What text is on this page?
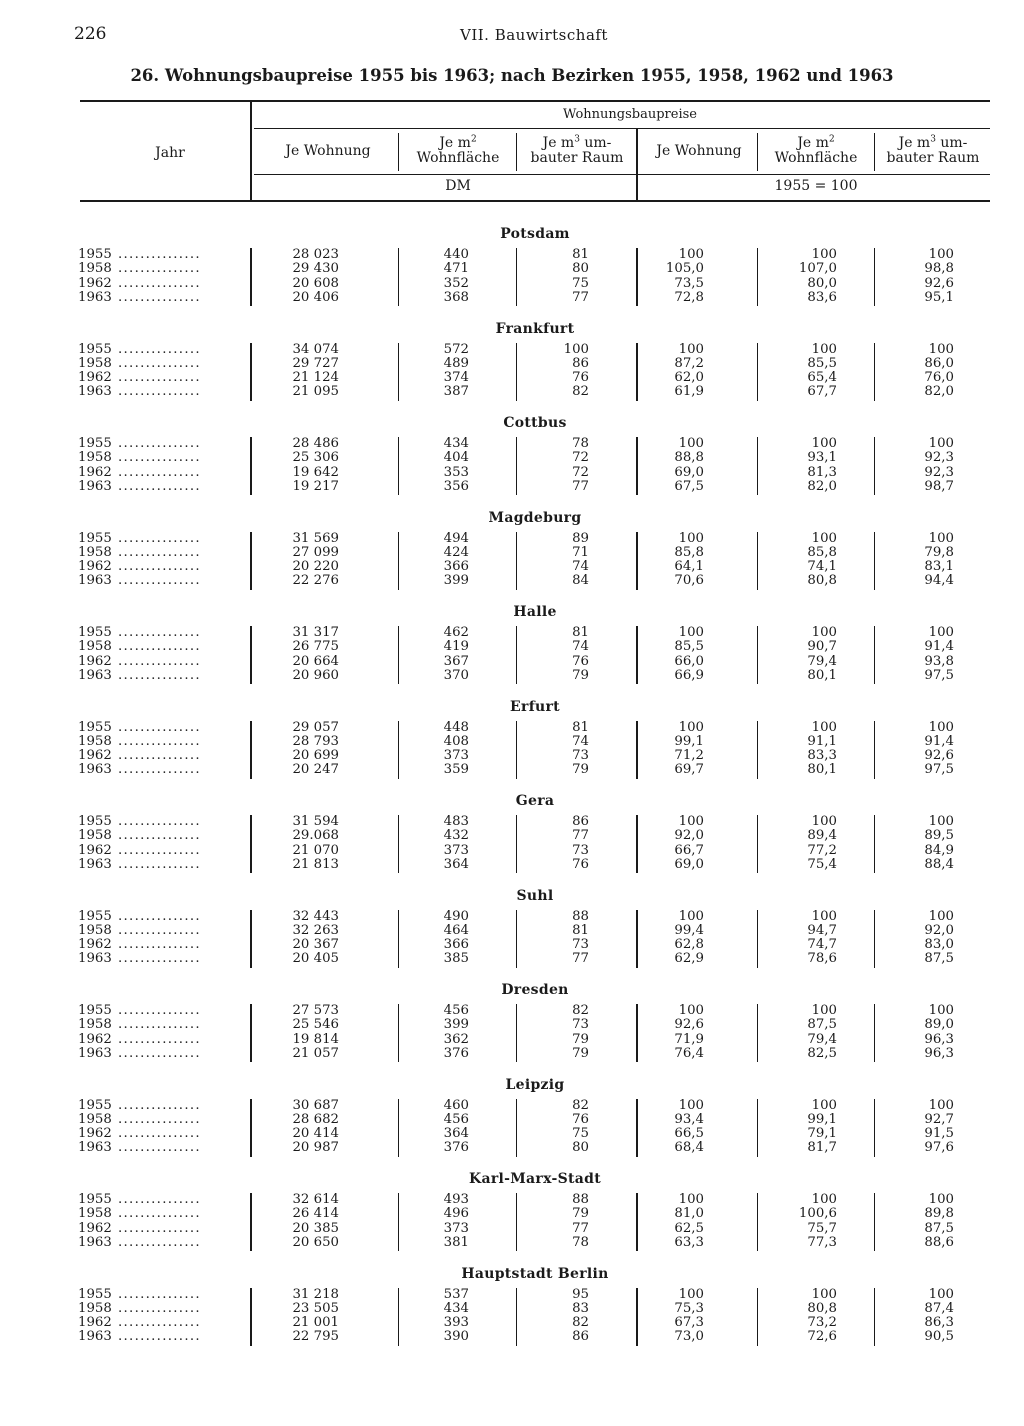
226	VII. Bauwirtschaft
26. Wohnungsbaupreise 1955 bis 1963; nach Bezirken 1955, 1958, 1962 und 1963
Jahr
Wohnungsbaupreise
Je Wohnung	Je $m^2$
Wohnfläche
Je $m^3$ um-
bauter Raum	Je Wohnung	Je $m^2$
Wohnfläche
Je $m^3$ um-
bauter Raum
DM	1955 = 100
Potsdam
1955 ...............	28 023	440	81	100	100	100
1958 ...............	29 430	471	80	105,0	107,0	98,8
1962 ...............	20 608	352	75	73,5	80,0	92,6
1963 ...............	20 406	368	77	72,8	83,6	95,1
Frankfurt
1955 ...............	34 074	572	100	100	100	100
1958 ...............	29 727	489	86	87,2	85,5	86,0
1962 ...............	21 124	374	76	62,0	65,4	76,0
1963 ...............	21 095	387	82	61,9	67,7	82,0
Cottbus
1955 ...............	28 486	434	78	100	100	100
1958 ...............	25 306	404	72	88,8	93,1	92,3
1962 ...............	19 642	353	72	69,0	81,3	92,3
1963 ...............	19 217	356	77	67,5	82,0	98,7
Magdeburg
1955 ...............	31 569	494	89	100	100	100
1958 ...............	27 099	424	71	85,8	85,8	79,8
1962 ...............	20 220	366	74	64,1	74,1	83,1
1963 ...............	22 276	399	84	70,6	80,8	94,4
Halle
1955 ...............	31 317	462	81	100	100	100
1958 ...............	26 775	419	74	85,5	90,7	91,4
1962 ...............	20 664	367	76	66,0	79,4	93,8
1963 ...............	20 960	370	79	66,9	80,1	97,5
Erfurt
1955 ...............	29 057	448	81	100	100	100
1958 ...............	28 793	408	74	99,1	91,1	91,4
1962 ...............	20 699	373	73	71,2	83,3	92,6
1963 ...............	20 247	359	79	69,7	80,1	97,5
Gera
1955 ...............	31 594	483	86	100	100	100
1958 ...............	29.068	432	77	92,0	89,4	89,5
1962 ...............	21 070	373	73	66,7	77,2	84,9
1963 ...............	21 813	364	76	69,0	75,4	88,4
Suhl
1955 ...............	32 443	490	88	100	100	100
1958 ...............	32 263	464	81	99,4	94,7	92,0
1962 ...............	20 367	366	73	62,8	74,7	83,0
1963 ...............	20 405	385	77	62,9	78,6	87,5
Dresden
1955 ...............	27 573	456	82	100	100	100
1958 ...............	25 546	399	73	92,6	87,5	89,0
1962 ...............	19 814	362	79	71,9	79,4	96,3
1963 ...............	21 057	376	79	76,4	82,5	96,3
Leipzig
1955 ...............	30 687	460	82	100	100	100
1958 ...............	28 682	456	76	93,4	99,1	92,7
1962 ...............	20 414	364	75	66,5	79,1	91,5
1963 ...............	20 987	376	80	68,4	81,7	97,6
Karl-Marx-Stadt
1955 ...............	32 614	493	88	100	100	100
1958 ...............	26 414	496	79	81,0	100,6	89,8
1962 ...............	20 385	373	77	62,5	75,7	87,5
1963 ...............	20 650	381	78	63,3	77,3	88,6
Hauptstadt Berlin
1955 ...............	31 218	537	95	100	100	100
1958 ...............	23 505	434	83	75,3	80,8	87,4
1962 ...............	21 001	393	82	67,3	73,2	86,3
1963 ...............	22 795	390	86	73,0	72,6	90,5
